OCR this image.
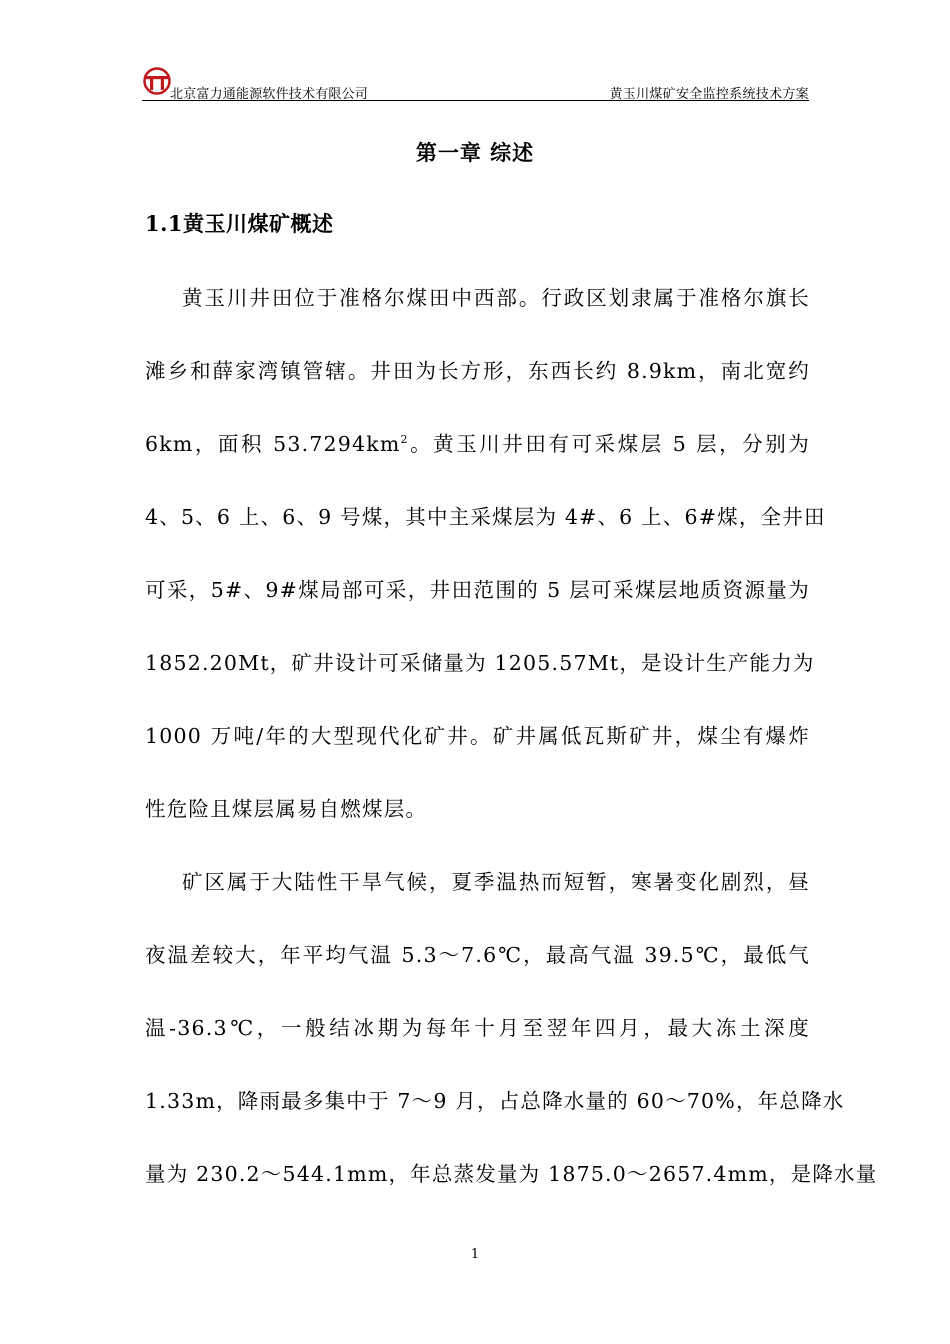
北京富力通能源软件技术有限公司	黄玉川煤矿安全监控系统技术方案
第一章 综述
1.1黄玉川煤矿概述
黄玉川井田位于准格尔煤田中西部。行政区划隶属于准格尔旗长
滩乡和薛家湾镇管辖。井田为长方形，东西长约 8.9km，南北宽约
6km，面积 $53.7294km^2$。黄玉川井田有可采煤层 5 层，分别为
4、5、6 上、6、9 号煤，其中主采煤层为 4#、6 上、6#煤，全井田
可采，5#、9#煤局部可采，井田范围的 5 层可采煤层地质资源量为
1852.20Mt，矿井设计可采储量为 1205.57Mt，是设计生产能力为
1000 万吨/年的大型现代化矿井。矿井属低瓦斯矿井，煤尘有爆炸
性危险且煤层属易自燃煤层。
矿区属于大陆性干旱气候，夏季温热而短暂，寒暑变化剧烈，昼
夜温差较大，年平均气温 5.3～7.6℃，最高气温 39.5℃，最低气
温-36.3℃，一般结冰期为每年十月至翌年四月，最大冻土深度
1.33m，降雨最多集中于 7～9 月，占总降水量的 60～70%，年总降水
量为 230.2～544.1mm，年总蒸发量为 1875.0～2657.4mm，是降水量
1
